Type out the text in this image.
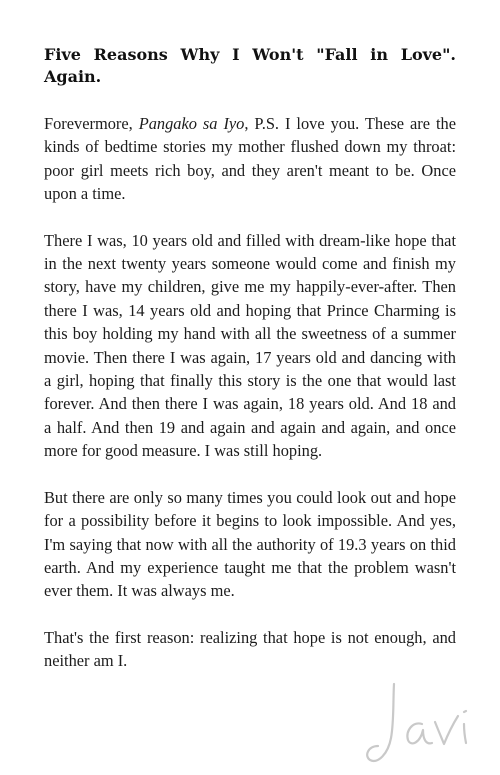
Five Reasons Why I Won't "Fall in Love". Again.

Forevermore, Pangako sa Iyo, P.S. I love you. These are the kinds of bedtime stories my mother flushed down my throat: poor girl meets rich boy, and they aren't meant to be. Once upon a time.

There I was, 10 years old and filled with dream-like hope that in the next twenty years someone would come and finish my story, have my children, give me my happily-ever-after. Then there I was, 14 years old and hoping that Prince Charming is this boy holding my hand with all the sweetness of a summer movie. Then there I was again, 17 years old and dancing with a girl, hoping that finally this story is the one that would last forever. And then there I was again, 18 years old. And 18 and a half. And then 19 and again and again and again, and once more for good measure. I was still hoping.

But there are only so many times you could look out and hope for a possibility before it begins to look impossible. And yes, I'm saying that now with all the authority of 19.3 years on thid earth. And my experience taught me that the problem wasn't ever them. It was always me.

That's the first reason: realizing that hope is not enough, and neither am I.
